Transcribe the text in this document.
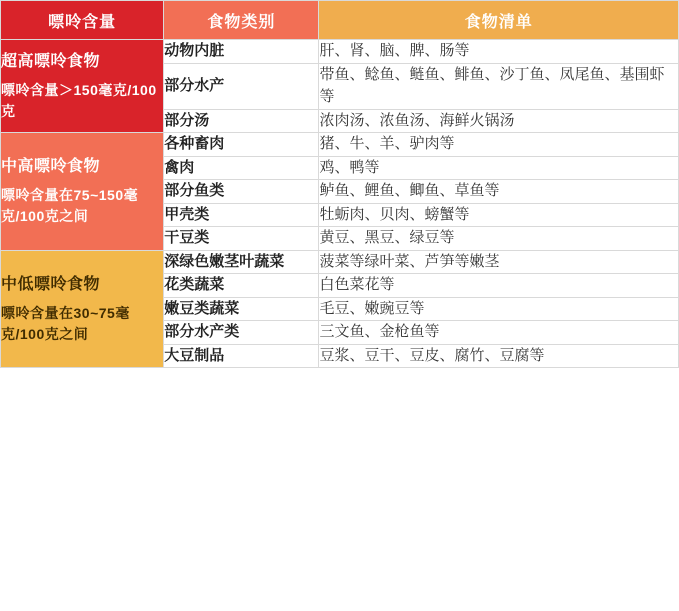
嘌呤含量	食物类别	食物清单

超高嘌呤食物
嘌呤含量＞150毫克/100克	动物内脏	肝、肾、脑、脾、肠等
	部分水产	带鱼、鲶鱼、鲢鱼、鲱鱼、沙丁鱼、凤尾鱼、基围虾等
	部分汤	浓肉汤、浓鱼汤、海鲜火锅汤

中高嘌呤食物
嘌呤含量在75~150毫克/100克之间	各种畜肉	猪、牛、羊、驴肉等
	禽肉	鸡、鸭等
	部分鱼类	鲈鱼、鲤鱼、鲫鱼、草鱼等
	甲壳类	牡蛎肉、贝肉、螃蟹等
	干豆类	黄豆、黑豆、绿豆等

中低嘌呤食物
嘌呤含量在30~75毫克/100克之间	深绿色嫩茎叶蔬菜	菠菜等绿叶菜、芦笋等嫩茎
	花类蔬菜	白色菜花等
	嫩豆类蔬菜	毛豆、嫩豌豆等
	部分水产类	三文鱼、金枪鱼等
	大豆制品	豆浆、豆干、豆皮、腐竹、豆腐等
